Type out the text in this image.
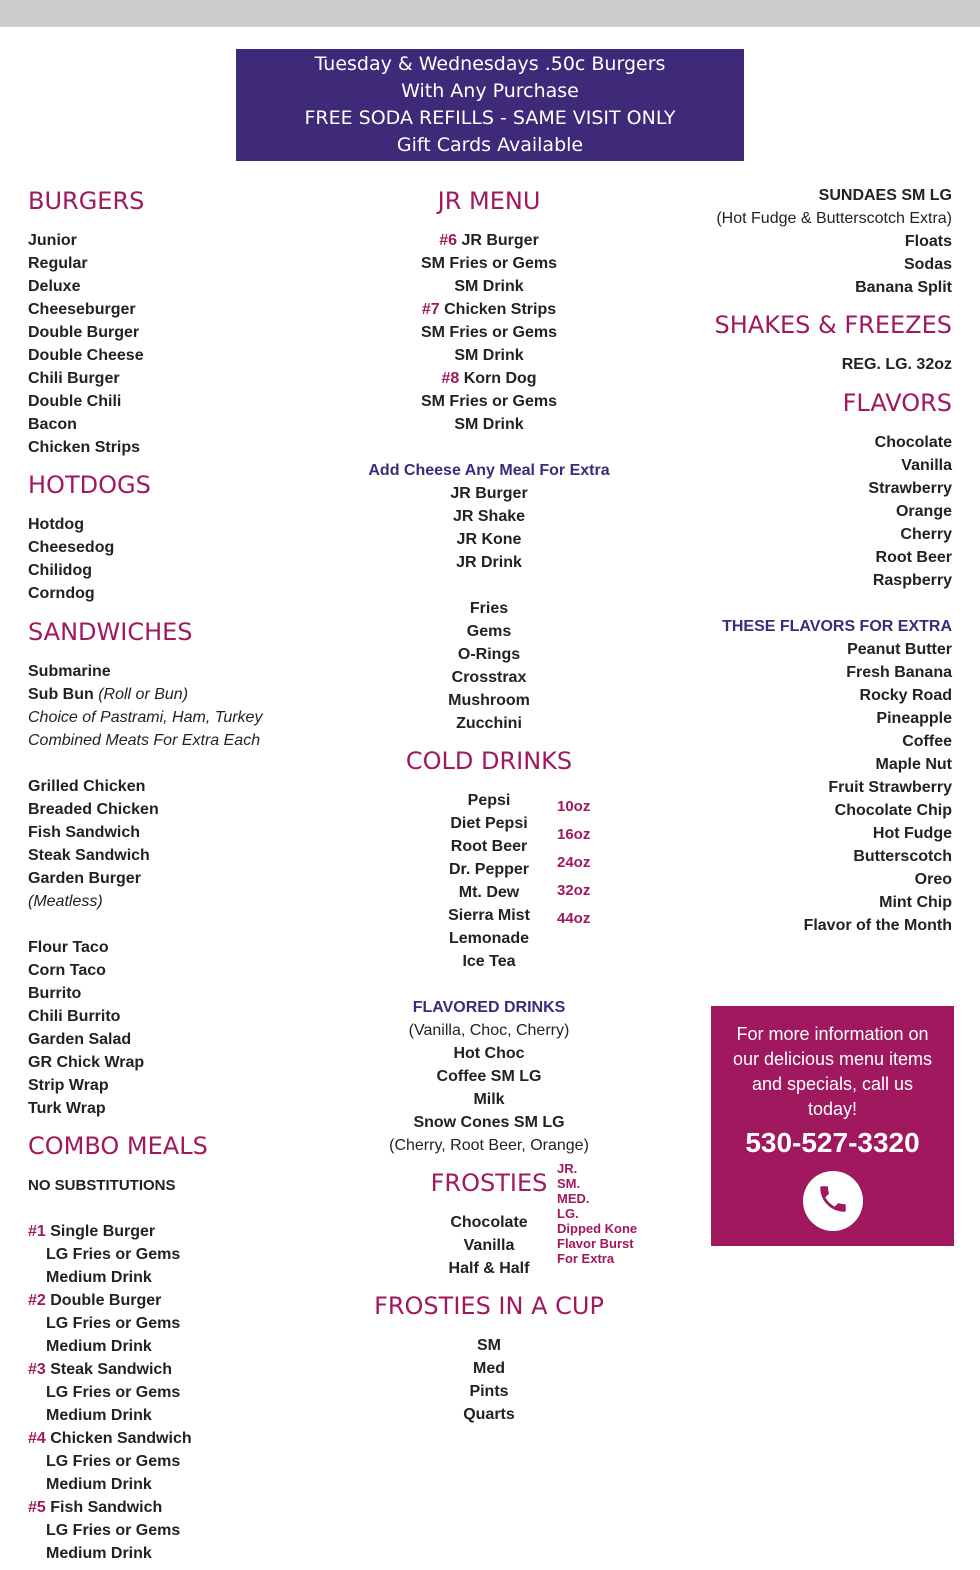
Tuesday & Wednesdays .50c Burgers
With Any Purchase
FREE SODA REFILLS - SAME VISIT ONLY
Gift Cards Available
BURGERS
Junior
Regular
Deluxe
Cheeseburger
Double Burger
Double Cheese
Chili Burger
Double Chili
Bacon
Chicken Strips
HOTDOGS
Hotdog
Cheesedog
Chilidog
Corndog
SANDWICHES
Submarine
Sub Bun (Roll or Bun)
Choice of Pastrami, Ham, Turkey
Combined Meats For Extra Each
Grilled Chicken
Breaded Chicken
Fish Sandwich
Steak Sandwich
Garden Burger
(Meatless)
Flour Taco
Corn Taco
Burrito
Chili Burrito
Garden Salad
GR Chick Wrap
Strip Wrap
Turk Wrap
COMBO MEALS
NO SUBSTITUTIONS
#1 Single Burger
LG Fries or Gems
Medium Drink
#2 Double Burger
LG Fries or Gems
Medium Drink
#3 Steak Sandwich
LG Fries or Gems
Medium Drink
#4 Chicken Sandwich
LG Fries or Gems
Medium Drink
#5 Fish Sandwich
LG Fries or Gems
Medium Drink
JR MENU
#6 JR Burger
SM Fries or Gems
SM Drink
#7 Chicken Strips
SM Fries or Gems
SM Drink
#8 Korn Dog
SM Fries or Gems
SM Drink
Add Cheese Any Meal For Extra
JR Burger
JR Shake
JR Kone
JR Drink
Fries
Gems
O-Rings
Crosstrax
Mushroom
Zucchini
COLD DRINKS
Pepsi
Diet Pepsi
Root Beer
Dr. Pepper
Mt. Dew
Sierra Mist
Lemonade
Ice Tea
10oz
16oz
24oz
32oz
44oz
FLAVORED DRINKS
(Vanilla, Choc, Cherry)
Hot Choc
Coffee SM LG
Milk
Snow Cones SM LG
(Cherry, Root Beer, Orange)
FROSTIES
Chocolate
Vanilla
Half & Half
JR.
SM.
MED.
LG.
Dipped Kone
Flavor Burst
For Extra
FROSTIES IN A CUP
SM
Med
Pints
Quarts
SUNDAES SM LG
(Hot Fudge & Butterscotch Extra)
Floats
Sodas
Banana Split
SHAKES & FREEZES
REG. LG. 32oz
FLAVORS
Chocolate
Vanilla
Strawberry
Orange
Cherry
Root Beer
Raspberry
THESE FLAVORS FOR EXTRA
Peanut Butter
Fresh Banana
Rocky Road
Pineapple
Coffee
Maple Nut
Fruit Strawberry
Chocolate Chip
Hot Fudge
Butterscotch
Oreo
Mint Chip
Flavor of the Month
For more information on our delicious menu items and specials, call us today!
530-527-3320
